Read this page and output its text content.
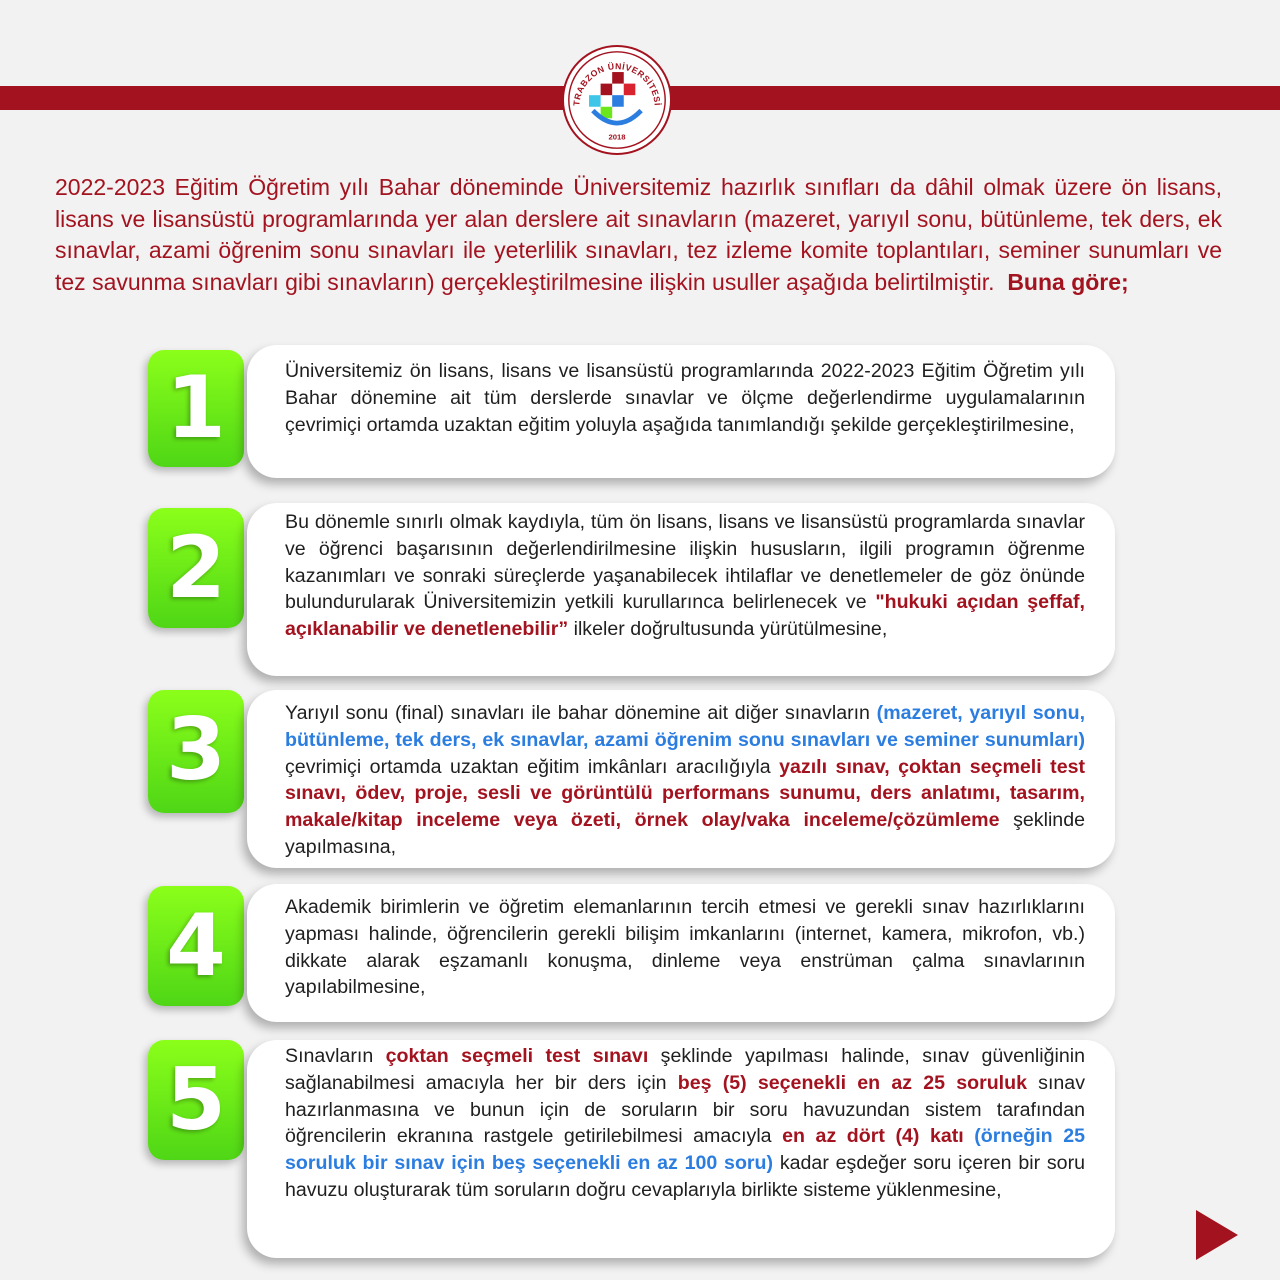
TRABZON ÜNİVERSİTESİ
2018
2022-2023 Eğitim Öğretim yılı Bahar döneminde Üniversitemiz hazırlık sınıfları da dâhil olmak üzere ön lisans, lisans ve lisansüstü programlarında yer alan derslere ait sınavların (mazeret, yarıyıl sonu, bütünleme, tek ders, ek sınavlar, azami öğrenim sonu sınavları ile yeterlilik sınavları, tez izleme komite toplantıları, seminer sunumları ve tez savunma sınavları gibi sınavların) gerçekleştirilmesine ilişkin usuller aşağıda belirtilmiştir. Buna göre;
1	Üniversitemiz ön lisans, lisans ve lisansüstü programlarında 2022-2023 Eğitim Öğretim yılı Bahar dönemine ait tüm derslerde sınavlar ve ölçme değerlendirme uygulamalarının çevrimiçi ortamda uzaktan eğitim yoluyla aşağıda tanımlandığı şekilde gerçekleştirilmesine,

2	Bu dönemle sınırlı olmak kaydıyla, tüm ön lisans, lisans ve lisansüstü programlarda sınavlar ve öğrenci başarısının değerlendirilmesine ilişkin hususların, ilgili programın öğrenme kazanımları ve sonraki süreçlerde yaşanabilecek ihtilaflar ve denetlemeler de göz önünde bulundurularak Üniversitemizin yetkili kurullarınca belirlenecek ve "hukuki açıdan şeffaf, açıklanabilir ve denetlenebilir” ilkeler doğrultusunda yürütülmesine,

3	Yarıyıl sonu (final) sınavları ile bahar dönemine ait diğer sınavların (mazeret, yarıyıl sonu, bütünleme, tek ders, ek sınavlar, azami öğrenim sonu sınavları ve seminer sunumları) çevrimiçi ortamda uzaktan eğitim imkânları aracılığıyla yazılı sınav, çoktan seçmeli test sınavı, ödev, proje, sesli ve görüntülü performans sunumu, ders anlatımı, tasarım, makale/kitap inceleme veya özeti, örnek olay/vaka inceleme/çözümleme şeklinde yapılmasına,

4	Akademik birimlerin ve öğretim elemanlarının tercih etmesi ve gerekli sınav hazırlıklarını yapması halinde, öğrencilerin gerekli bilişim imkanlarını (internet, kamera, mikrofon, vb.) dikkate alarak eşzamanlı konuşma, dinleme veya enstrüman çalma sınavlarının yapılabilmesine,

5	Sınavların çoktan seçmeli test sınavı şeklinde yapılması halinde, sınav güvenliğinin sağlanabilmesi amacıyla her bir ders için beş (5) seçenekli en az 25 soruluk sınav hazırlanmasına ve bunun için de soruların bir soru havuzundan sistem tarafından öğrencilerin ekranına rastgele getirilebilmesi amacıyla en az dört (4) katı (örneğin 25 soruluk bir sınav için beş seçenekli en az 100 soru) kadar eşdeğer soru içeren bir soru havuzu oluşturarak tüm soruların doğru cevaplarıyla birlikte sisteme yüklenmesine,
